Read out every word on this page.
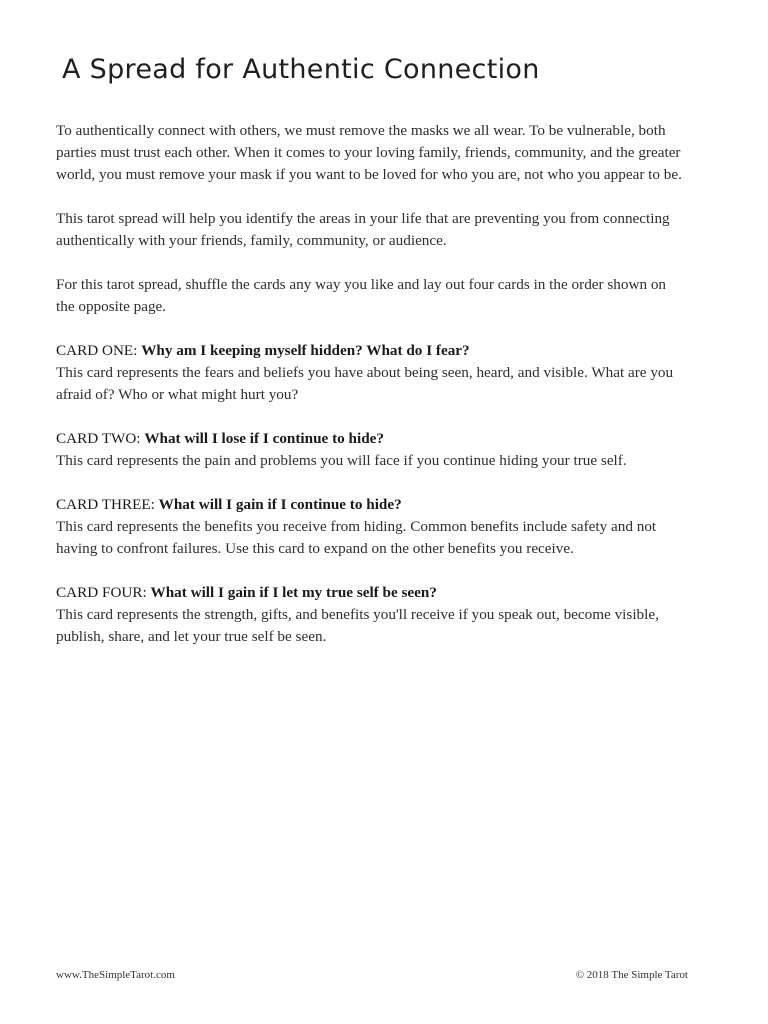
A Spread for Authentic Connection

To authentically connect with others, we must remove the masks we all wear. To be vulnerable, both parties must trust each other. When it comes to your loving family, friends, community, and the greater world, you must remove your mask if you want to be loved for who you are, not who you appear to be.

This tarot spread will help you identify the areas in your life that are preventing you from connecting authentically with your friends, family, community, or audience.

For this tarot spread, shuffle the cards any way you like and lay out four cards in the order shown on the opposite page.

CARD ONE: Why am I keeping myself hidden? What do I fear?

This card represents the fears and beliefs you have about being seen, heard, and visible. What are you afraid of? Who or what might hurt you?

CARD TWO: What will I lose if I continue to hide?

This card represents the pain and problems you will face if you continue hiding your true self.

CARD THREE: What will I gain if I continue to hide?

This card represents the benefits you receive from hiding. Common benefits include safety and not having to confront failures. Use this card to expand on the other benefits you receive.

CARD FOUR: What will I gain if I let my true self be seen?

This card represents the strength, gifts, and benefits you'll receive if you speak out, become visible, publish, share, and let your true self be seen.

www.TheSimpleTarot.com	© 2018 The Simple Tarot
